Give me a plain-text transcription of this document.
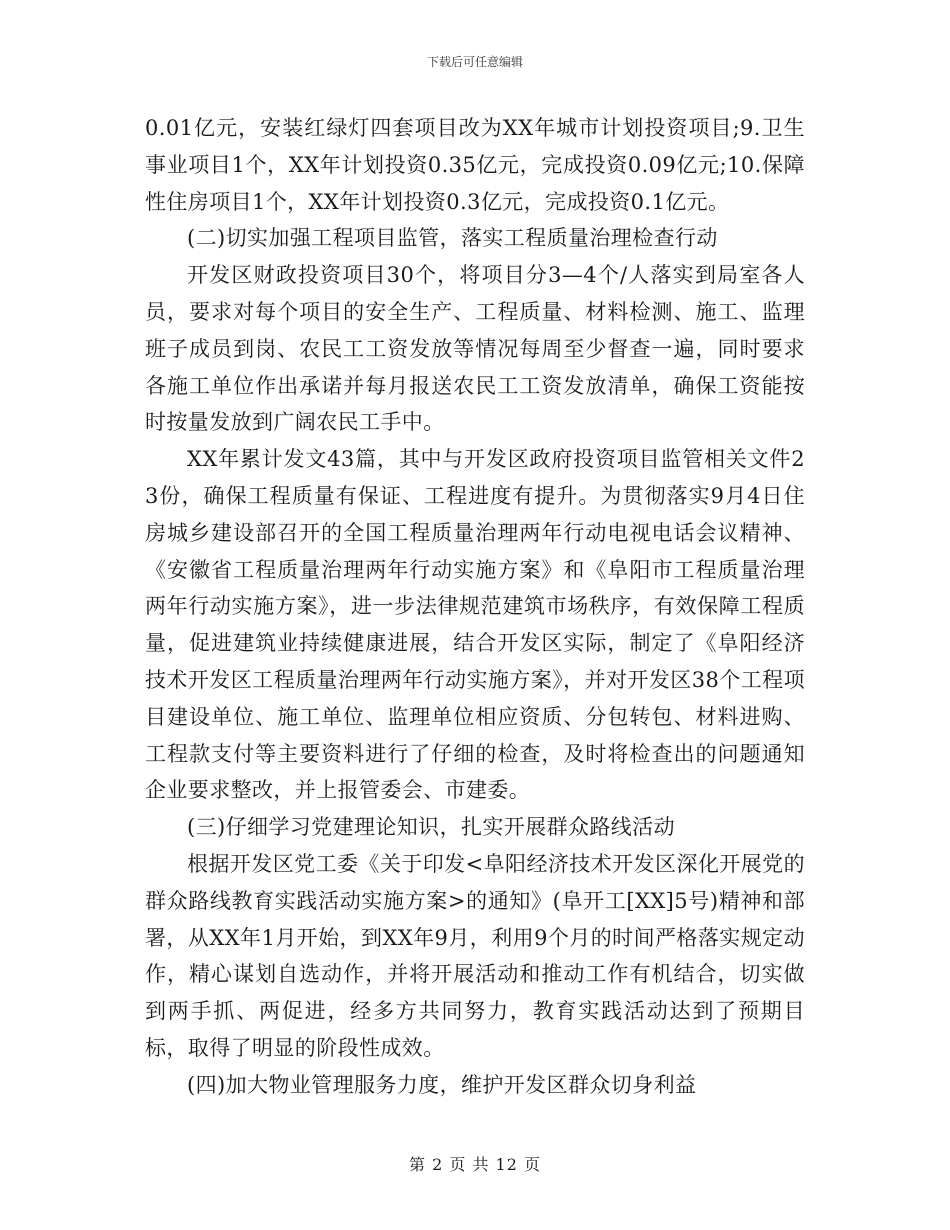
下载后可任意编辑

0.01亿元，安装红绿灯四套项目改为XX年城市计划投资项目;9.卫生事业项目1个，XX年计划投资0.35亿元，完成投资0.09亿元;10.保障性住房项目1个，XX年计划投资0.3亿元，完成投资0.1亿元。

(二)切实加强工程项目监管，落实工程质量治理检查行动

开发区财政投资项目30个，将项目分3—4个/人落实到局室各人员，要求对每个项目的安全生产、工程质量、材料检测、施工、监理班子成员到岗、农民工工资发放等情况每周至少督查一遍，同时要求各施工单位作出承诺并每月报送农民工工资发放清单，确保工资能按时按量发放到广阔农民工手中。

XX年累计发文43篇，其中与开发区政府投资项目监管相关文件23份，确保工程质量有保证、工程进度有提升。为贯彻落实9月4日住房城乡建设部召开的全国工程质量治理两年行动电视电话会议精神、《安徽省工程质量治理两年行动实施方案》和《阜阳市工程质量治理两年行动实施方案》，进一步法律规范建筑市场秩序，有效保障工程质量，促进建筑业持续健康进展，结合开发区实际，制定了《阜阳经济技术开发区工程质量治理两年行动实施方案》，并对开发区38个工程项目建设单位、施工单位、监理单位相应资质、分包转包、材料进购、工程款支付等主要资料进行了仔细的检查，及时将检查出的问题通知企业要求整改，并上报管委会、市建委。

(三)仔细学习党建理论知识，扎实开展群众路线活动

根据开发区党工委《关于印发<阜阳经济技术开发区深化开展党的群众路线教育实践活动实施方案>的通知》(阜开工[XX]5号)精神和部署，从XX年1月开始，到XX年9月，利用9个月的时间严格落实规定动作，精心谋划自选动作，并将开展活动和推动工作有机结合，切实做到两手抓、两促进，经多方共同努力，教育实践活动达到了预期目标，取得了明显的阶段性成效。

(四)加大物业管理服务力度，维护开发区群众切身利益

第 2 页 共 12 页
